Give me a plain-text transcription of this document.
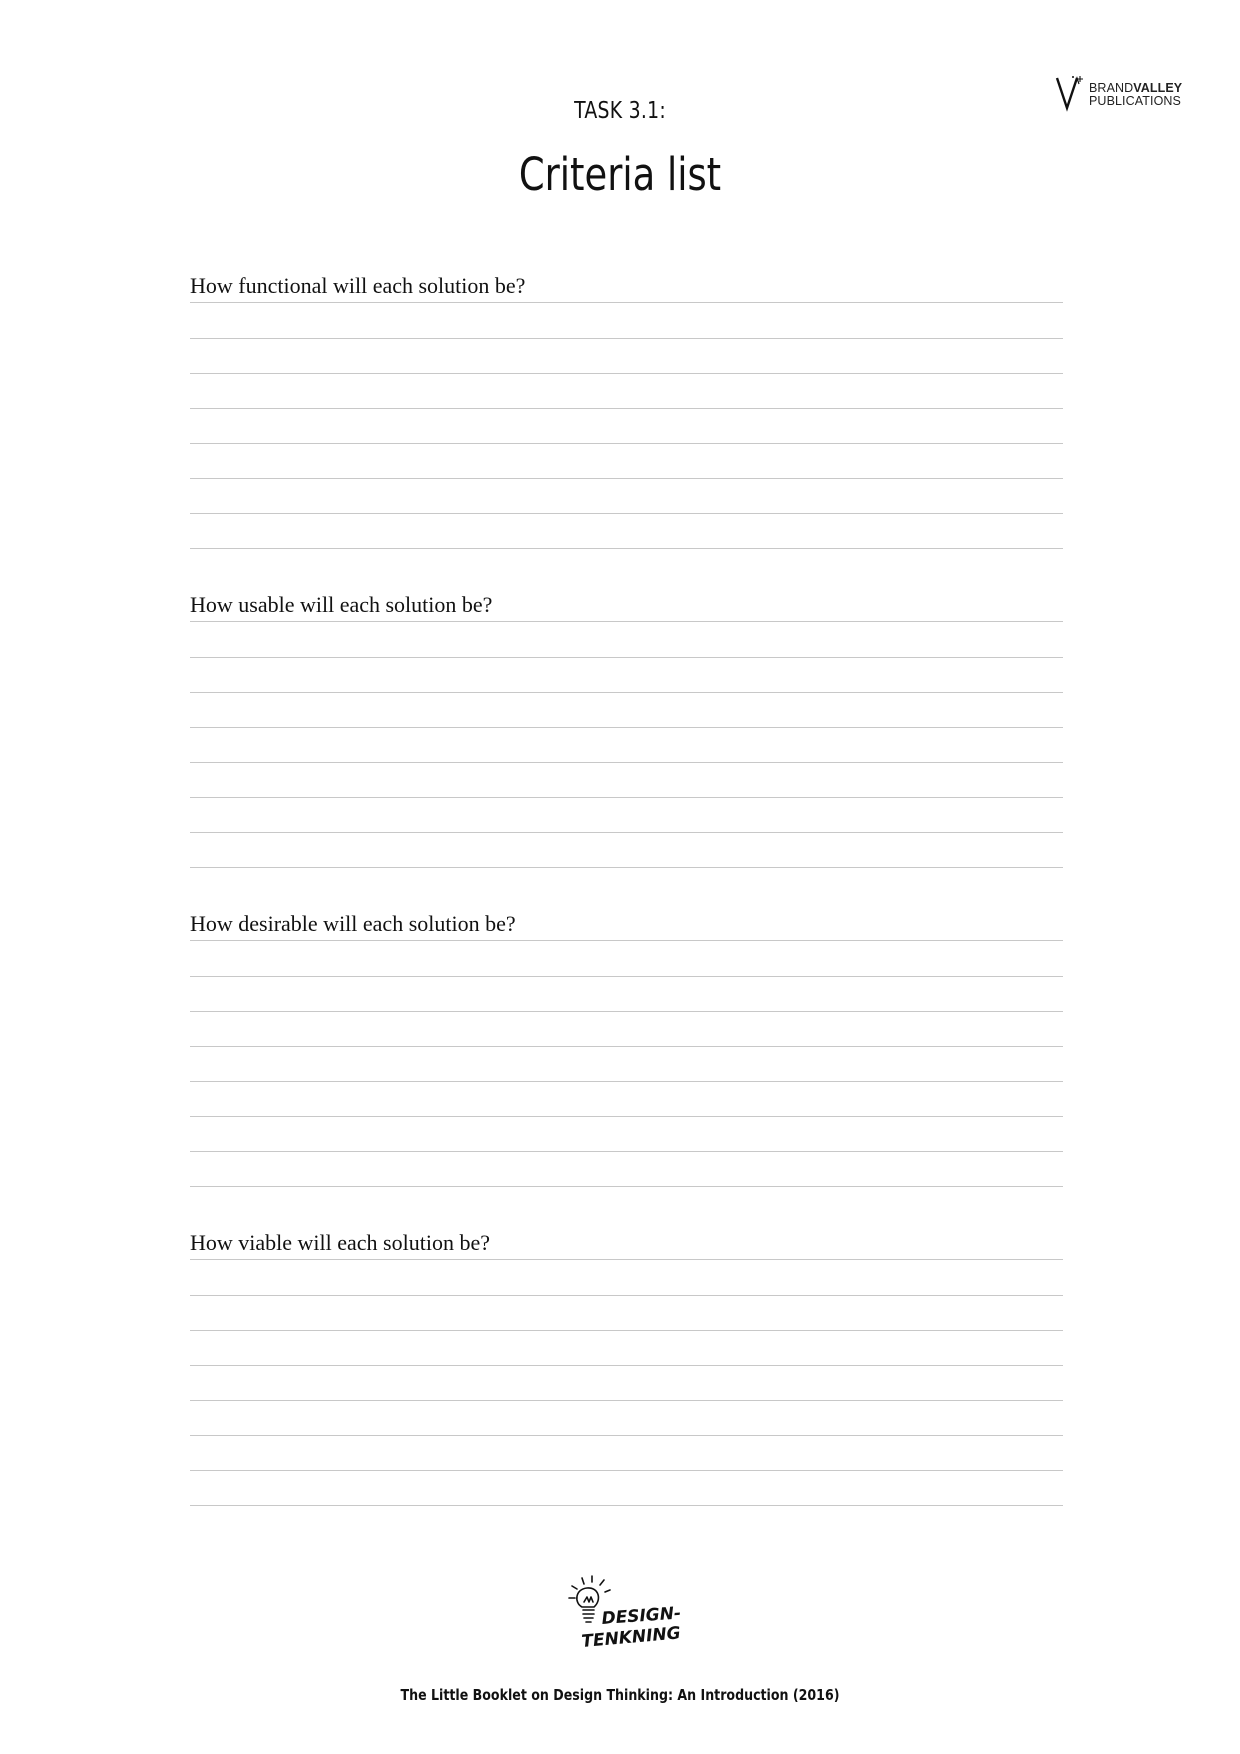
BRANDVALLEY
PUBLICATIONS
TASK 3.1:
Criteria list
How functional will each solution be?
How usable will each solution be?
How desirable will each solution be?
How viable will each solution be?
DESIGN-
TENKNING
The Little Booklet on Design Thinking: An Introduction (2016)
